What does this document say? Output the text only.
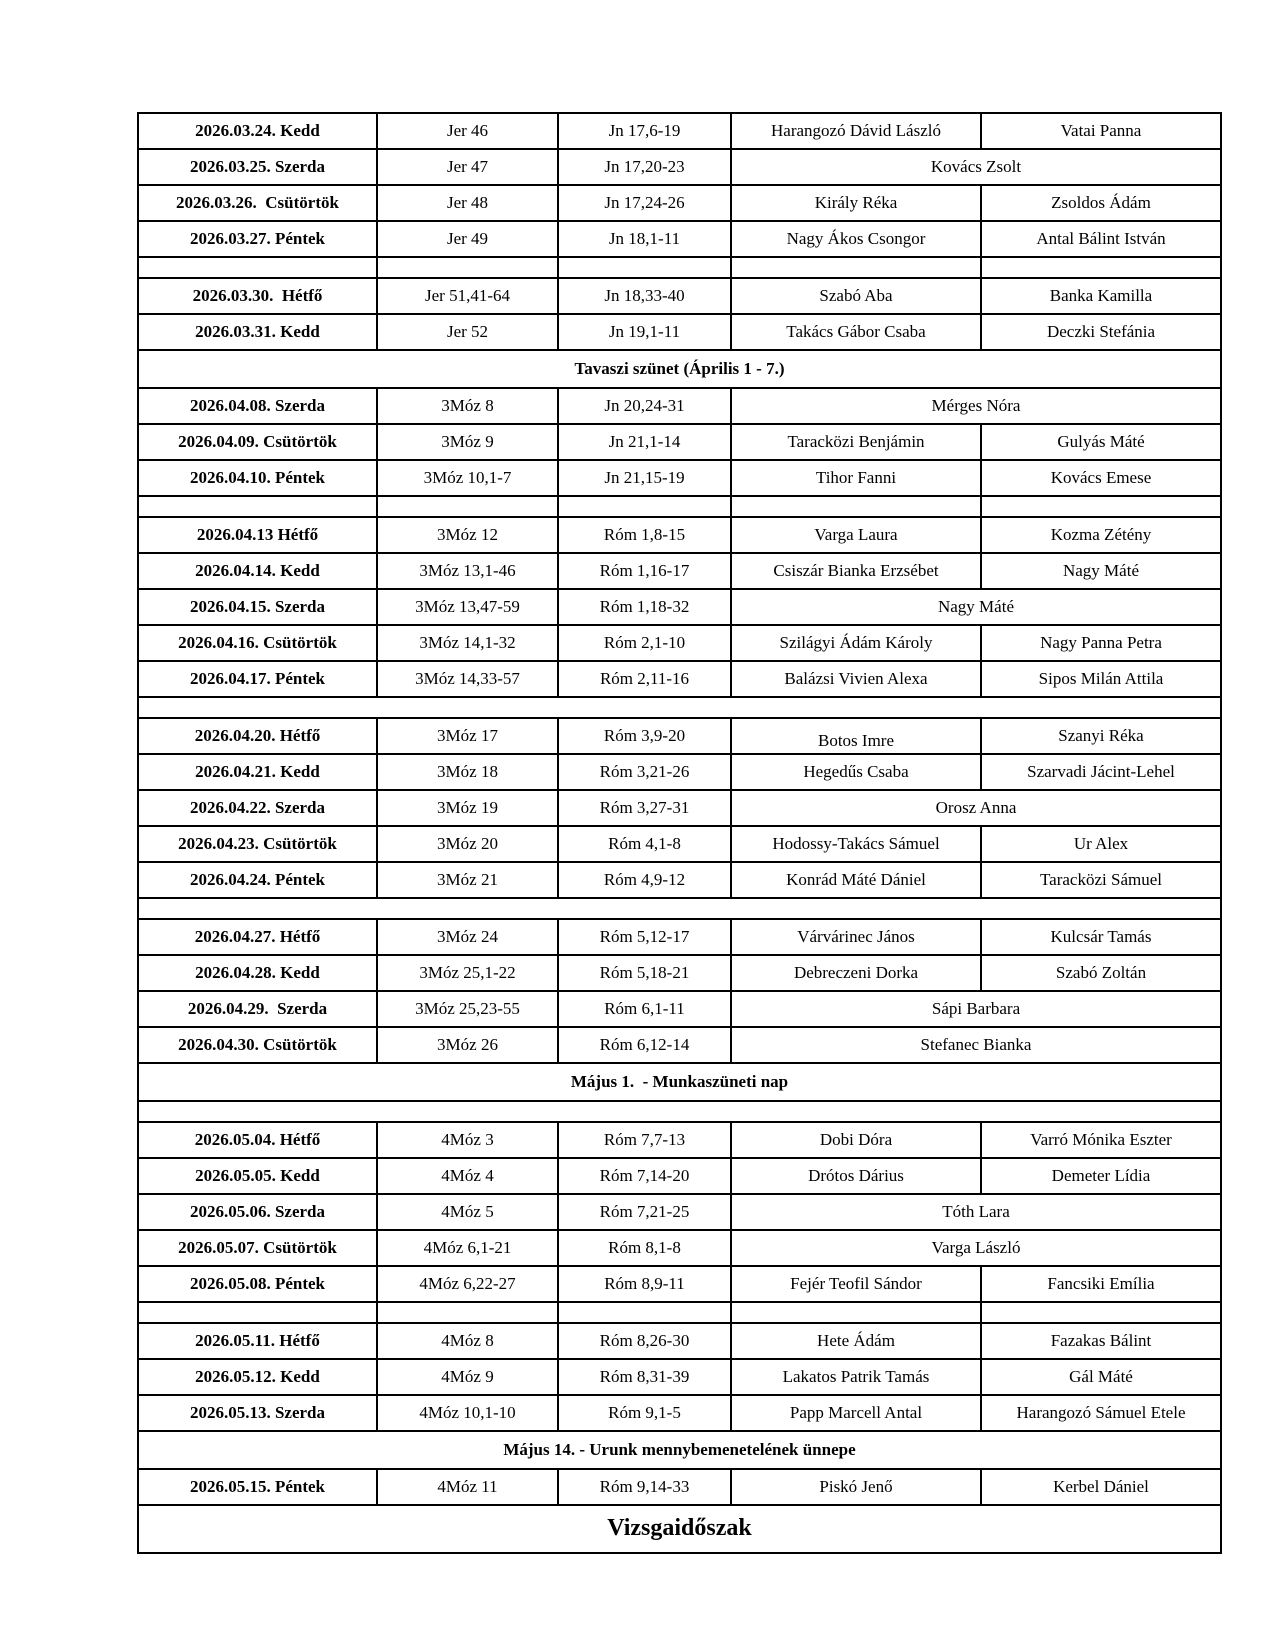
2026.03.24. Kedd	Jer 46	Jn 17,6-19	Harangozó Dávid László	Vatai Panna
2026.03.25. Szerda	Jer 47	Jn 17,20-23	Kovács Zsolt	
2026.03.26.  Csütörtök	Jer 48	Jn 17,24-26	Király Réka	Zsoldos Ádám
2026.03.27. Péntek	Jer 49	Jn 18,1-11	Nagy Ákos Csongor	Antal Bálint István

2026.03.30.  Hétfő	Jer 51,41-64	Jn 18,33-40	Szabó Aba	Banka Kamilla
2026.03.31. Kedd	Jer 52	Jn 19,1-11	Takács Gábor Csaba	Deczki Stefánia
Tavaszi szünet (Április 1 - 7.)				
2026.04.08. Szerda	3Móz 8	Jn 20,24-31	Mérges Nóra	
2026.04.09. Csütörtök	3Móz 9	Jn 21,1-14	Taracközi Benjámin	Gulyás Máté
2026.04.10. Péntek	3Móz 10,1-7	Jn 21,15-19	Tihor Fanni	Kovács Emese

2026.04.13 Hétfő	3Móz 12	Róm 1,8-15	Varga Laura	Kozma Zétény
2026.04.14. Kedd	3Móz 13,1-46	Róm 1,16-17	Csiszár Bianka Erzsébet	Nagy Máté
2026.04.15. Szerda	3Móz 13,47-59	Róm 1,18-32	Nagy Máté	
2026.04.16. Csütörtök	3Móz 14,1-32	Róm 2,1-10	Szilágyi Ádám Károly	Nagy Panna Petra
2026.04.17. Péntek	3Móz 14,33-57	Róm 2,11-16	Balázsi Vivien Alexa	Sipos Milán Attila

2026.04.20. Hétfő	3Móz 17	Róm 3,9-20	Botos Imre	Szanyi Réka
2026.04.21. Kedd	3Móz 18	Róm 3,21-26	Hegedűs Csaba	Szarvadi Jácint-Lehel
2026.04.22. Szerda	3Móz 19	Róm 3,27-31	Orosz Anna	
2026.04.23. Csütörtök	3Móz 20	Róm 4,1-8	Hodossy-Takács Sámuel	Ur Alex
2026.04.24. Péntek	3Móz 21	Róm 4,9-12	Konrád Máté Dániel	Taracközi Sámuel

2026.04.27. Hétfő	3Móz 24	Róm 5,12-17	Várvárinec János	Kulcsár Tamás
2026.04.28. Kedd	3Móz 25,1-22	Róm 5,18-21	Debreczeni Dorka	Szabó Zoltán
2026.04.29.  Szerda	3Móz 25,23-55	Róm 6,1-11	Sápi Barbara	
2026.04.30. Csütörtök	3Móz 26	Róm 6,12-14	Stefanec Bianka	
Május 1.  - Munkaszüneti nap				

2026.05.04. Hétfő	4Móz 3	Róm 7,7-13	Dobi Dóra	Varró Mónika Eszter
2026.05.05. Kedd	4Móz 4	Róm 7,14-20	Drótos Dárius	Demeter Lídia
2026.05.06. Szerda	4Móz 5	Róm 7,21-25	Tóth Lara	
2026.05.07. Csütörtök	4Móz 6,1-21	Róm 8,1-8	Varga László	
2026.05.08. Péntek	4Móz 6,22-27	Róm 8,9-11	Fejér Teofil Sándor	Fancsiki Emília

2026.05.11. Hétfő	4Móz 8	Róm 8,26-30	Hete Ádám	Fazakas Bálint
2026.05.12. Kedd	4Móz 9	Róm 8,31-39	Lakatos Patrik Tamás	Gál Máté
2026.05.13. Szerda	4Móz 10,1-10	Róm 9,1-5	Papp Marcell Antal	Harangozó Sámuel Etele
Május 14. - Urunk mennybemenetelének ünnepe				
2026.05.15. Péntek	4Móz 11	Róm 9,14-33	Piskó Jenő	Kerbel Dániel
Vizsgaidőszak				
